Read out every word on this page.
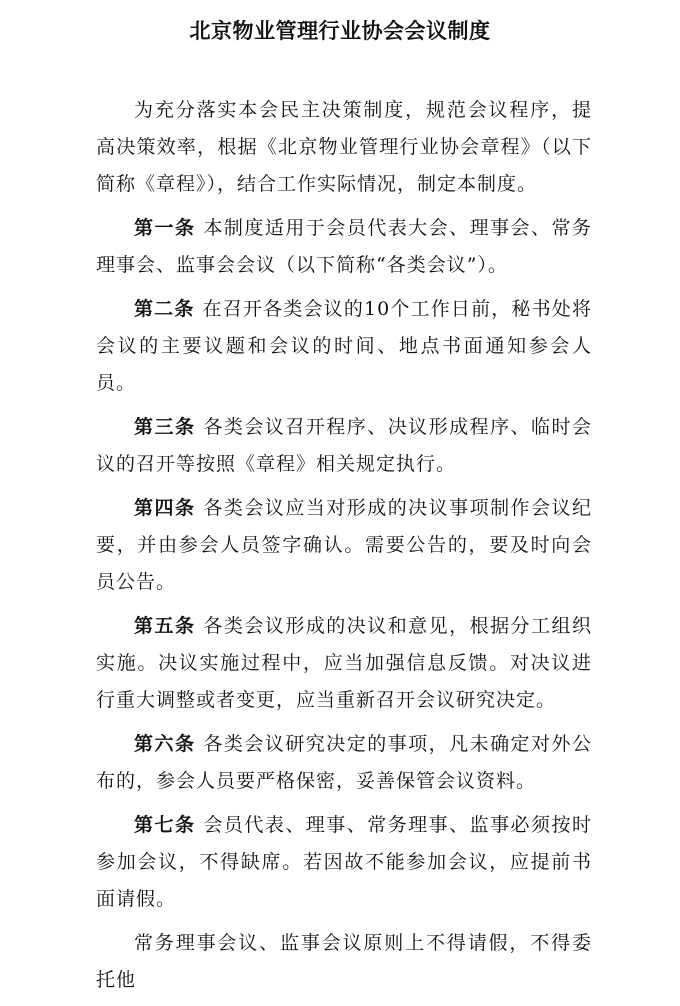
北京物业管理行业协会会议制度

为充分落实本会民主决策制度，规范会议程序，提高决策效率，根据《北京物业管理行业协会章程》（以下简称《章程》），结合工作实际情况，制定本制度。

第一条 本制度适用于会员代表大会、理事会、常务理事会、监事会会议（以下简称“各类会议”）。

第二条 在召开各类会议的10个工作日前，秘书处将会议的主要议题和会议的时间、地点书面通知参会人员。

第三条 各类会议召开程序、决议形成程序、临时会议的召开等按照《章程》相关规定执行。

第四条 各类会议应当对形成的决议事项制作会议纪要，并由参会人员签字确认。需要公告的，要及时向会员公告。

第五条 各类会议形成的决议和意见，根据分工组织实施。决议实施过程中，应当加强信息反馈。对决议进行重大调整或者变更，应当重新召开会议研究决定。

第六条 各类会议研究决定的事项，凡未确定对外公布的，参会人员要严格保密，妥善保管会议资料。

第七条 会员代表、理事、常务理事、监事必须按时参加会议，不得缺席。若因故不能参加会议，应提前书面请假。

常务理事会议、监事会议原则上不得请假，不得委托他
